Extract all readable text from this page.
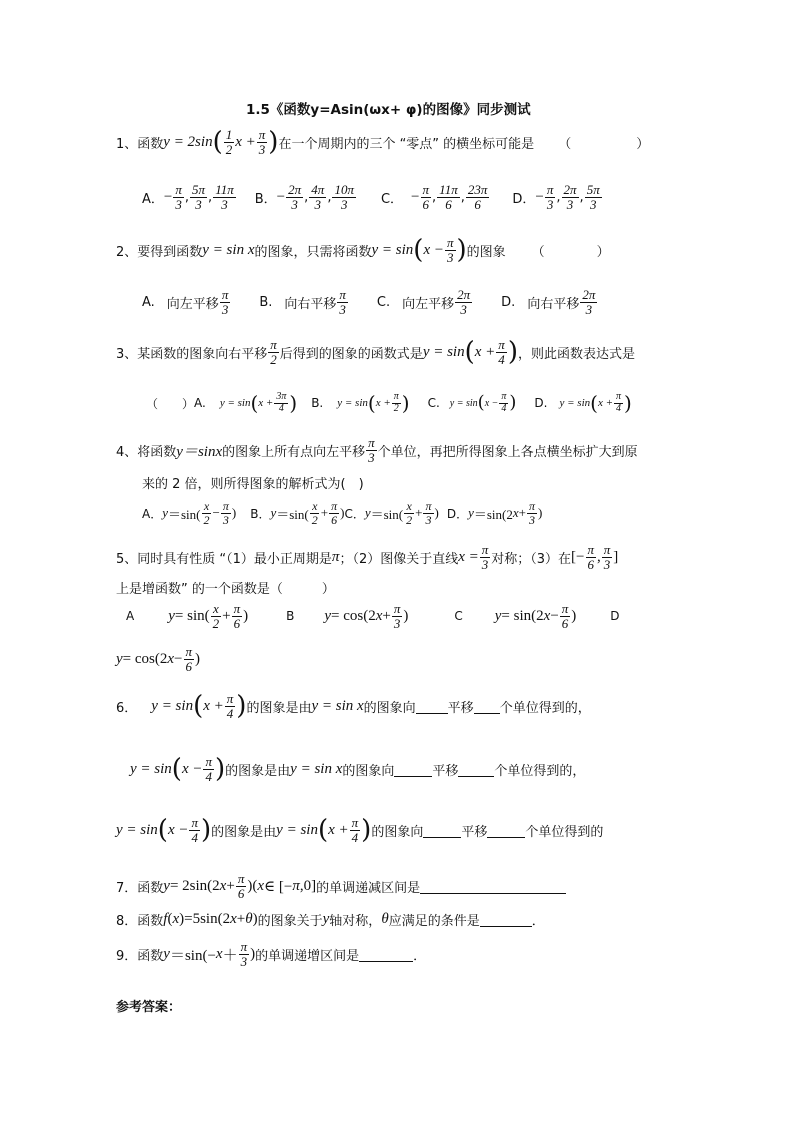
1.5《函数y=Asin(ωx+ φ)的图像》同步测试
1、函数 y = 2sin ( $\frac{1}{2}$ $x + \frac{\pi}{3}$ ) 在一个周期内的三个 “零点” 的横坐标可能是 （　　　　　）
A． − $\frac{\pi}{3}$ , $\frac{5\pi}{3}$ , $\frac{11\pi}{3}$ B． − $\frac{2\pi}{3}$ , $\frac{4\pi}{3}$ , $\frac{10\pi}{3}$ C． − $\frac{\pi}{6}$ , $\frac{11\pi}{6}$ , $\frac{23\pi}{6}$ D． − $\frac{\pi}{3}$ , $\frac{2\pi}{3}$ , $\frac{5\pi}{3}$
2、要得到函数 y = sin x 的图象，只需将函数 y = sin ( $x - \frac{\pi}{3}$ ) 的图象 （　　　　）
A. 向左平移 $\frac{\pi}{3} B$. 向右平移 $\frac{\pi}{3} C$. 向左平移 $\frac{2\pi}{3} D$. 向右平移 $\frac{2\pi}{3}$
3、某函数的图象向右平移 $\frac{\pi}{2}$ 后得到的图象的函数式是 y = sin ( $x + \frac{\pi}{4}$ ) ，则此函数表达式是
（　　） A. y = sin ( $x + \frac{3\pi}{4}$ ) B. y = sin ( $x + \frac{\pi}{2}$ ) C. y = sin ( $x - \frac{\pi}{4}$ ) D. y = sin ( $x + \frac{\pi}{4}$ )
4、将函数 y＝sinx 的图象上所有点向左平移 $\frac{\pi}{3}$ 个单位，再把所得图象上各点横坐标扩大到原
来的 2 倍，则所得图象的解析式为(　)
A． $y =\sin( \frac{x}{2} - \frac{\pi}{3}$ ) B． $y =\sin( \frac{x}{2} + \frac{\pi}{6}$ ) C． $y =\sin( \frac{x}{2} + \frac{\pi}{3}$ ) D． y ＝sin(2 $x + \frac{\pi}{3}$ )
5、同时具有性质 “（1）最小正周期是 π ；（2）图像关于直线 $x = \frac{\pi}{3}$ 对称；（3）在 [− $\frac{\pi}{6}$ , $\frac{\pi}{3}$ ]
上是增函数” 的一个函数是（　　　）
A $y = \sin( \frac{x}{2} + \frac{\pi}{6}$ )	B y = cos(2 $x + \frac{\pi}{3}$ )	C y = sin(2 $x - \frac{\pi}{6}$ )	D
y = cos(2 $x - \frac{\pi}{6}$ )
6． y = sin ( $x + \frac{\pi}{4}$ ) 的图象是由 y = sin x 的图象向 平移 个单位得到的，
y = sin ( $x - \frac{\pi}{4}$ ) 的图象是由 y = sin x 的图象向	平移	个单位得到的，
y = sin ( $x - \frac{\pi}{4}$ ) 的图象是由 y = sin ( $x + \frac{\pi}{4}$ ) 的图象向	平移	个单位得到的
7．函数 y = 2sin(2 $x + \frac{\pi}{6}$ )( x ∈ [− π ,0] 的单调递减区间是
8．函数 f ( x )=5sin(2 x + θ ) 的图象关于 y 轴对称， θ 应满足的条件是	．
9．函数 $y =\sin(- x + \frac{\pi}{3}$ ) 的单调递增区间是	．
参考答案：
